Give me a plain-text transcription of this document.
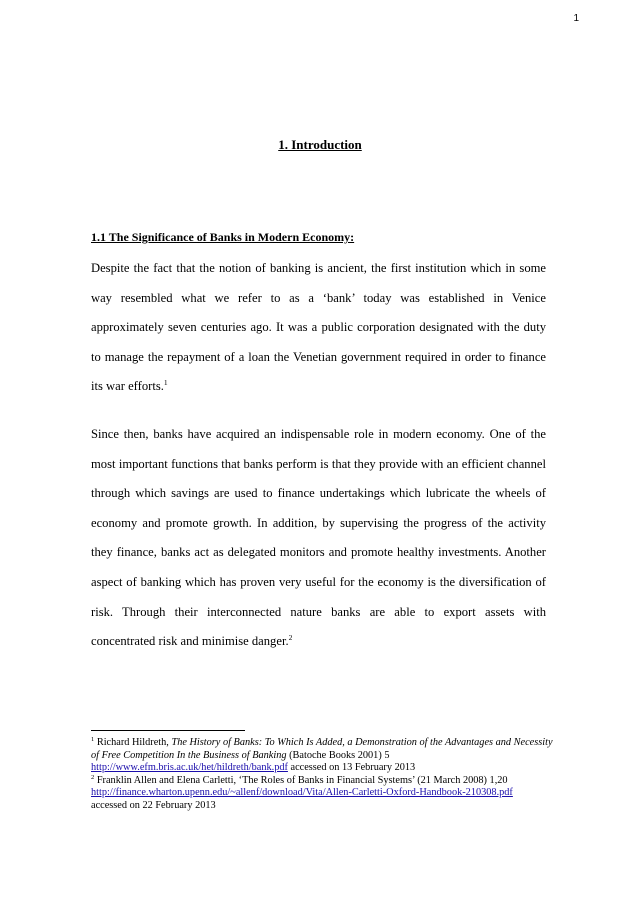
1
1. Introduction
1.1 The Significance of Banks in Modern Economy:

Despite the fact that the notion of banking is ancient, the first institution which in some way resembled what we refer to as a ‘bank’ today was established in Venice approximately seven centuries ago. It was a public corporation designated with the duty to manage the repayment of a loan the Venetian government required in order to finance its war efforts.$^1$

Since then, banks have acquired an indispensable role in modern economy. One of the most important functions that banks perform is that they provide with an efficient channel through which savings are used to finance undertakings which lubricate the wheels of economy and promote growth. In addition, by supervising the progress of the activity they finance, banks act as delegated monitors and promote healthy investments. Another aspect of banking which has proven very useful for the economy is the diversification of risk. Through their interconnected nature banks are able to export assets with concentrated risk and minimise danger.$^2$

$^1$ Richard Hildreth, The History of Banks: To Which Is Added, a Demonstration of the Advantages and Necessity of Free Competition In the Business of Banking (Batoche Books 2001) 5
http://www.efm.bris.ac.uk/het/hildreth/bank.pdf accessed on 13 February 2013

$^2$ Franklin Allen and Elena Carletti, ‘The Roles of Banks in Financial Systems’ (21 March 2008) 1,20
http://finance.wharton.upenn.edu/~allenf/download/Vita/Allen-Carletti-Oxford-Handbook-210308.pdf
accessed on 22 February 2013
